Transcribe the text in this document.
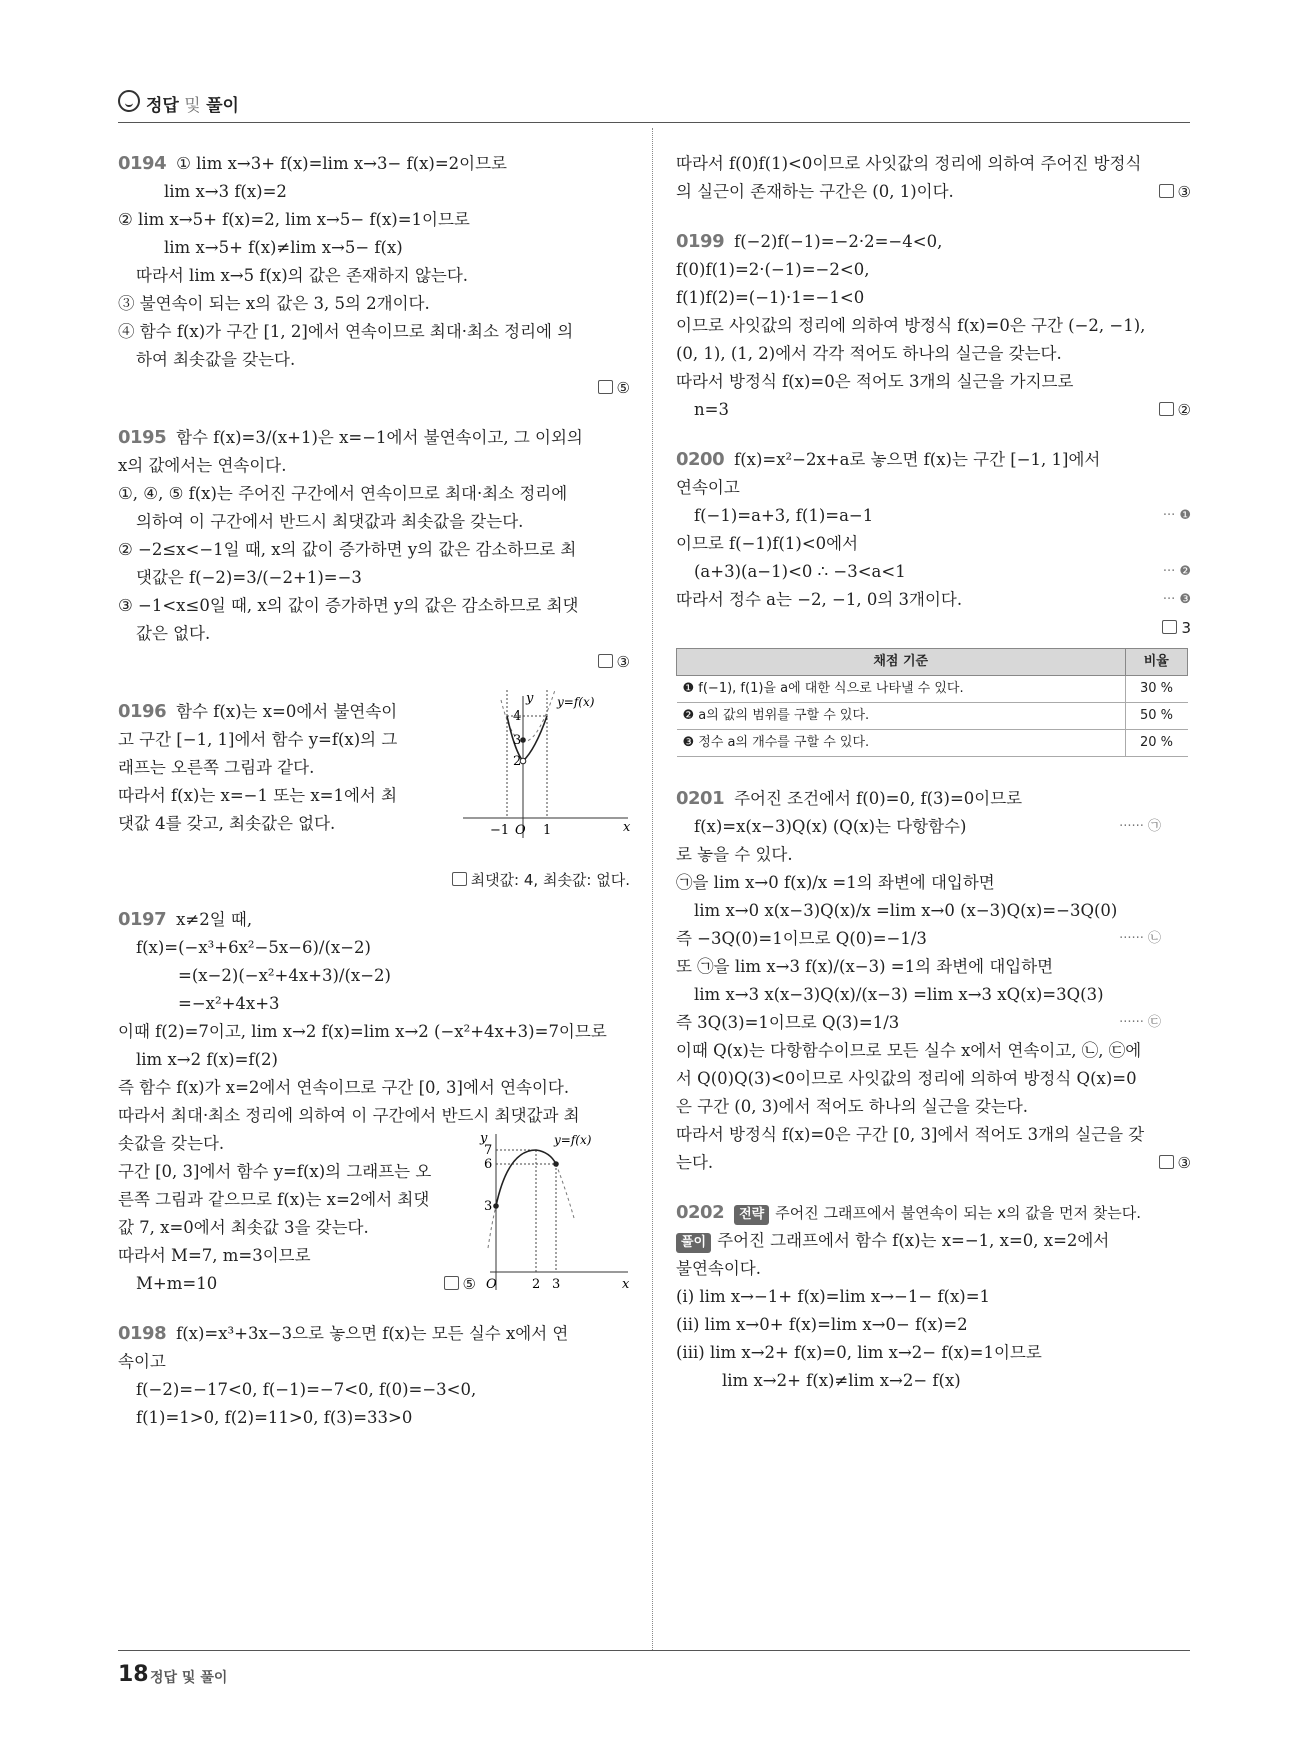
정답 및 풀이

0194 ① lim x→3+ f(x)=lim x→3− f(x)=2이므로

lim x→3 f(x)=2

② lim x→5+ f(x)=2, lim x→5− f(x)=1이므로

lim x→5+ f(x)≠lim x→5− f(x)

따라서 lim x→5 f(x)의 값은 존재하지 않는다.

③ 불연속이 되는 x의 값은 3, 5의 2개이다.

④ 함수 f(x)가 구간 [1, 2]에서 연속이므로 최대·최소 정리에 의

하여 최솟값을 갖는다.

⑤

0195 함수 f(x)=3/(x+1)은 x=−1에서 불연속이고, 그 이외의

x의 값에서는 연속이다.

①, ④, ⑤ f(x)는 주어진 구간에서 연속이므로 최대·최소 정리에

의하여 이 구간에서 반드시 최댓값과 최솟값을 갖는다.

② −2≤x<−1일 때, x의 값이 증가하면 y의 값은 감소하므로 최

댓값은 f(−2)=3/(−2+1)=−3

③ −1<x≤0일 때, x의 값이 증가하면 y의 값은 감소하므로 최댓

값은 없다.

③

0196 함수 f(x)는 x=0에서 불연속이

고 구간 [−1, 1]에서 함수 y=f(x)의 그

래프는 오른쪽 그림과 같다.

따라서 f(x)는 x=−1 또는 x=1에서 최

댓값 4를 갖고, 최솟값은 없다.

최댓값: 4, 최솟값: 없다.

y
x
y=f(x)
4
3
2
−1 O 1

0197 x≠2일 때,

f(x)=(−x³+6x²−5x−6)/(x−2)

=(x−2)(−x²+4x+3)/(x−2)

=−x²+4x+3

이때 f(2)=7이고, lim x→2 f(x)=lim x→2 (−x²+4x+3)=7이므로

lim x→2 f(x)=f(2)

즉 함수 f(x)가 x=2에서 연속이므로 구간 [0, 3]에서 연속이다.

따라서 최대·최소 정리에 의하여 이 구간에서 반드시 최댓값과 최

솟값을 갖는다.

구간 [0, 3]에서 함수 y=f(x)의 그래프는 오

른쪽 그림과 같으므로 f(x)는 x=2에서 최댓

값 7, x=0에서 최솟값 3을 갖는다.

따라서 M=7, m=3이므로

M+m=10	⑤
y
x
y=f(x)
7
6
3
O	2 3

0198 f(x)=x³+3x−3으로 놓으면 f(x)는 모든 실수 x에서 연

속이고

f(−2)=−17<0, f(−1)=−7<0, f(0)=−3<0,

f(1)=1>0, f(2)=11>0, f(3)=33>0

따라서 f(0)f(1)<0이므로 사잇값의 정리에 의하여 주어진 방정식

의 실근이 존재하는 구간은 (0, 1)이다.	③

0199 f(−2)f(−1)=−2·2=−4<0,

f(0)f(1)=2·(−1)=−2<0,

f(1)f(2)=(−1)·1=−1<0

이므로 사잇값의 정리에 의하여 방정식 f(x)=0은 구간 (−2, −1),

(0, 1), (1, 2)에서 각각 적어도 하나의 실근을 갖는다.

따라서 방정식 f(x)=0은 적어도 3개의 실근을 가지므로

n=3	②

0200 f(x)=x²−2x+a로 놓으면 f(x)는 구간 [−1, 1]에서

연속이고

f(−1)=a+3, f(1)=a−1	··· ❶

이므로 f(−1)f(1)<0에서

(a+3)(a−1)<0 ∴ −3<a<1	··· ❷

따라서 정수 a는 −2, −1, 0의 3개이다.	··· ❸

3

채점 기준	비율
❶ f(−1), f(1)을 a에 대한 식으로 나타낼 수 있다.	30 %
❷ a의 값의 범위를 구할 수 있다.	50 %
❸ 정수 a의 개수를 구할 수 있다.	20 %

0201 주어진 조건에서 f(0)=0, f(3)=0이므로

f(x)=x(x−3)Q(x) (Q(x)는 다항함수)	······ ㉠

로 놓을 수 있다.

㉠을 lim x→0 f(x)/x =1의 좌변에 대입하면

lim x→0 x(x−3)Q(x)/x =lim x→0 (x−3)Q(x)=−3Q(0)

즉 −3Q(0)=1이므로 Q(0)=−1/3	······ ㉡

또 ㉠을 lim x→3 f(x)/(x−3) =1의 좌변에 대입하면

lim x→3 x(x−3)Q(x)/(x−3) =lim x→3 xQ(x)=3Q(3)

즉 3Q(3)=1이므로 Q(3)=1/3	······ ㉢

이때 Q(x)는 다항함수이므로 모든 실수 x에서 연속이고, ㉡, ㉢에

서 Q(0)Q(3)<0이므로 사잇값의 정리에 의하여 방정식 Q(x)=0

은 구간 (0, 3)에서 적어도 하나의 실근을 갖는다.

따라서 방정식 f(x)=0은 구간 [0, 3]에서 적어도 3개의 실근을 갖

는다.	③

0202 전략 주어진 그래프에서 불연속이 되는 x의 값을 먼저 찾는다.

풀이 주어진 그래프에서 함수 f(x)는 x=−1, x=0, x=2에서

불연속이다.

(i) lim x→−1+ f(x)=lim x→−1− f(x)=1

(ii) lim x→0+ f(x)=lim x→0− f(x)=2

(iii) lim x→2+ f(x)=0, lim x→2− f(x)=1이므로

lim x→2+ f(x)≠lim x→2− f(x)

18 정답 및 풀이
